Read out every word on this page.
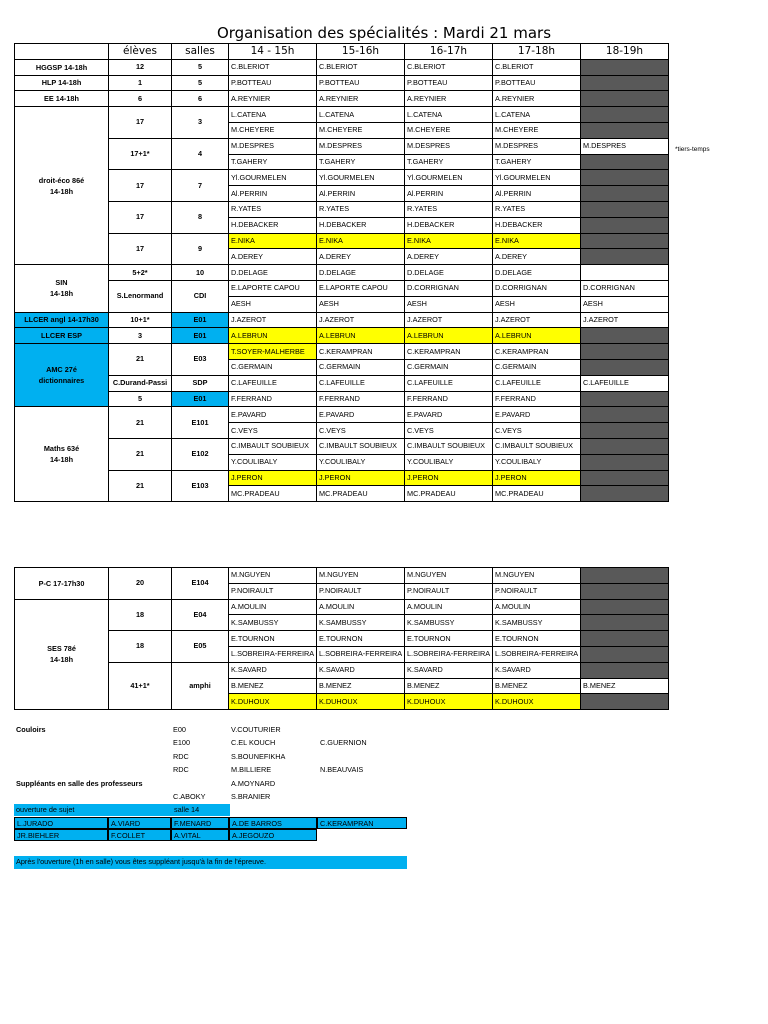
Organisation des spécialités : Mardi 21 mars
*tiers-temps
	élèves	salles	14 - 15h	15-16h	16-17h	17-18h	18-19h
HGGSP 14-18h	12	5	C.BLERIOT	C.BLERIOT	C.BLERIOT	C.BLERIOT	
HLP 14-18h	1	5	P.BOTTEAU	P.BOTTEAU	P.BOTTEAU	P.BOTTEAU	
EE 14-18h	6	6	A.REYNIER	A.REYNIER	A.REYNIER	A.REYNIER	
droit-éco 86é
14-18h	17	3	L.CATENA	L.CATENA	L.CATENA	L.CATENA	
			M.CHEYERE	M.CHEYERE	M.CHEYERE	M.CHEYERE	
	17+1*	4	M.DESPRES	M.DESPRES	M.DESPRES	M.DESPRES	M.DESPRES
			T.GAHERY	T.GAHERY	T.GAHERY	T.GAHERY	
	17	7	Yl.GOURMELEN	Yl.GOURMELEN	Yl.GOURMELEN	Yl.GOURMELEN	
			Al.PERRIN	Al.PERRIN	Al.PERRIN	Al.PERRIN	
	17	8	R.YATES	R.YATES	R.YATES	R.YATES	
			H.DEBACKER	H.DEBACKER	H.DEBACKER	H.DEBACKER	
	17	9	E.NIKA	E.NIKA	E.NIKA	E.NIKA	
			A.DEREY	A.DEREY	A.DEREY	A.DEREY	
SIN
14-18h	5+2*	10	D.DELAGE	D.DELAGE	D.DELAGE	D.DELAGE	
	S.Lenormand	CDI	E.LAPORTE CAPOU	E.LAPORTE CAPOU	D.CORRIGNAN	D.CORRIGNAN	D.CORRIGNAN
			AESH	AESH	AESH	AESH	AESH
LLCER angl 14-17h30	10+1*	E01	J.AZEROT	J.AZEROT	J.AZEROT	J.AZEROT	J.AZEROT
LLCER ESP	3	E01	A.LEBRUN	A.LEBRUN	A.LEBRUN	A.LEBRUN	
AMC 27é
dictionnaires	21	E03	T.SOYER-MALHERBE	C.KERAMPRAN	C.KERAMPRAN	C.KERAMPRAN	
			C.GERMAIN	C.GERMAIN	C.GERMAIN	C.GERMAIN	
	C.Durand-Passi	SDP	C.LAFEUILLE	C.LAFEUILLE	C.LAFEUILLE	C.LAFEUILLE	C.LAFEUILLE
	5	E01	F.FERRAND	F.FERRAND	F.FERRAND	F.FERRAND	
Maths 63é
14-18h	21	E101	E.PAVARD	E.PAVARD	E.PAVARD	E.PAVARD	
			C.VEYS	C.VEYS	C.VEYS	C.VEYS	
	21	E102	C.IMBAULT SOUBIEUX	C.IMBAULT SOUBIEUX	C.IMBAULT SOUBIEUX	C.IMBAULT SOUBIEUX	
			Y.COULIBALY	Y.COULIBALY	Y.COULIBALY	Y.COULIBALY	
	21	E103	J.PERON	J.PERON	J.PERON	J.PERON	
			MC.PRADEAU	MC.PRADEAU	MC.PRADEAU	MC.PRADEAU	
P-C 17-17h30	20	E104	M.NGUYEN	M.NGUYEN	M.NGUYEN	M.NGUYEN	
			P.NOIRAULT	P.NOIRAULT	P.NOIRAULT	P.NOIRAULT	
SES 78é
14-18h	18	E04	A.MOULIN	A.MOULIN	A.MOULIN	A.MOULIN	
			K.SAMBUSSY	K.SAMBUSSY	K.SAMBUSSY	K.SAMBUSSY	
	18	E05	E.TOURNON	E.TOURNON	E.TOURNON	E.TOURNON	
			L.SOBREIRA-FERREIRA	L.SOBREIRA-FERREIRA	L.SOBREIRA-FERREIRA	L.SOBREIRA-FERREIRA	
	41+1*	amphi	K.SAVARD	K.SAVARD	K.SAVARD	K.SAVARD	
			B.MENEZ	B.MENEZ	B.MENEZ	B.MENEZ	B.MENEZ
			K.DUHOUX	K.DUHOUX	K.DUHOUX	K.DUHOUX	
Couloirs	E00	V.COUTURIER
E100	C.EL KOUCH	C.GUERNION
RDC	S.BOUNEFIKHA
RDC	M.BILLIERE	N.BEAUVAIS
Suppléants en salle des professeurs	A.MOYNARD
C.ABOKY	S.BRANIER
ouverture de sujet	salle 14
L.JURADO	A.VIARD	F.MENARD	A.DE BARROS	C.KERAMPRAN
JR.BIEHLER	F.COLLET	A.VITAL	A.JEGOUZO
Après l'ouverture (1h en salle) vous êtes suppléant jusqu'à la fin de l'épreuve.
